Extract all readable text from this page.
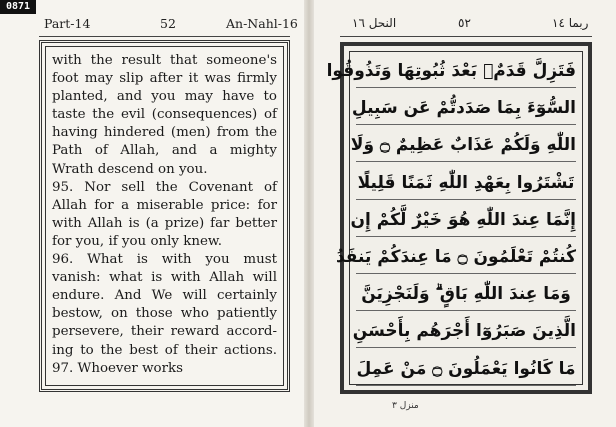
0871
Part-14	52	An-Nahl-16	النحل ١٦	٥٢	ربما ١٤
with the result that someone's
foot may slip after it was firmly
planted, and you may have to
taste the evil (consequences) of
having hindered (men) from the
Path of Allah, and a mighty
Wrath descend on you.
95. Nor sell the Covenant of
Allah for a miserable price: for
with Allah is (a prize) far better
for you, if you only knew.
96. What is with you must
vanish: what is with Allah will
endure. And We will certainly
bestow, on those who patiently
persevere, their reward accord-
ing to the best of their actions.
97. Whoever works
فَتَزِلَّ قَدَمٌۢ بَعْدَ ثُبُوتِهَا وَتَذُوقُوا
السُّوٓءَ بِمَا صَدَدتُّمْ عَن سَبِيلِ
اللّٰهِ وَلَكُمْ عَذَابٌ عَظِيمٌ ۝ وَلَا
تَشْتَرُوا بِعَهْدِ اللّٰهِ ثَمَنًا قَلِيلًا
إِنَّمَا عِندَ اللّٰهِ هُوَ خَيْرٌ لَّكُمْ إِن
كُنتُمْ تَعْلَمُونَ ۝ مَا عِندَكُمْ يَنفَدُ
وَمَا عِندَ اللّٰهِ بَاقٍ ۗ وَلَنَجْزِيَنَّ
الَّذِينَ صَبَرُوٓا أَجْرَهُم بِأَحْسَنِ
مَا كَانُوا يَعْمَلُونَ ۝ مَنْ عَمِلَ
منزل ٣
